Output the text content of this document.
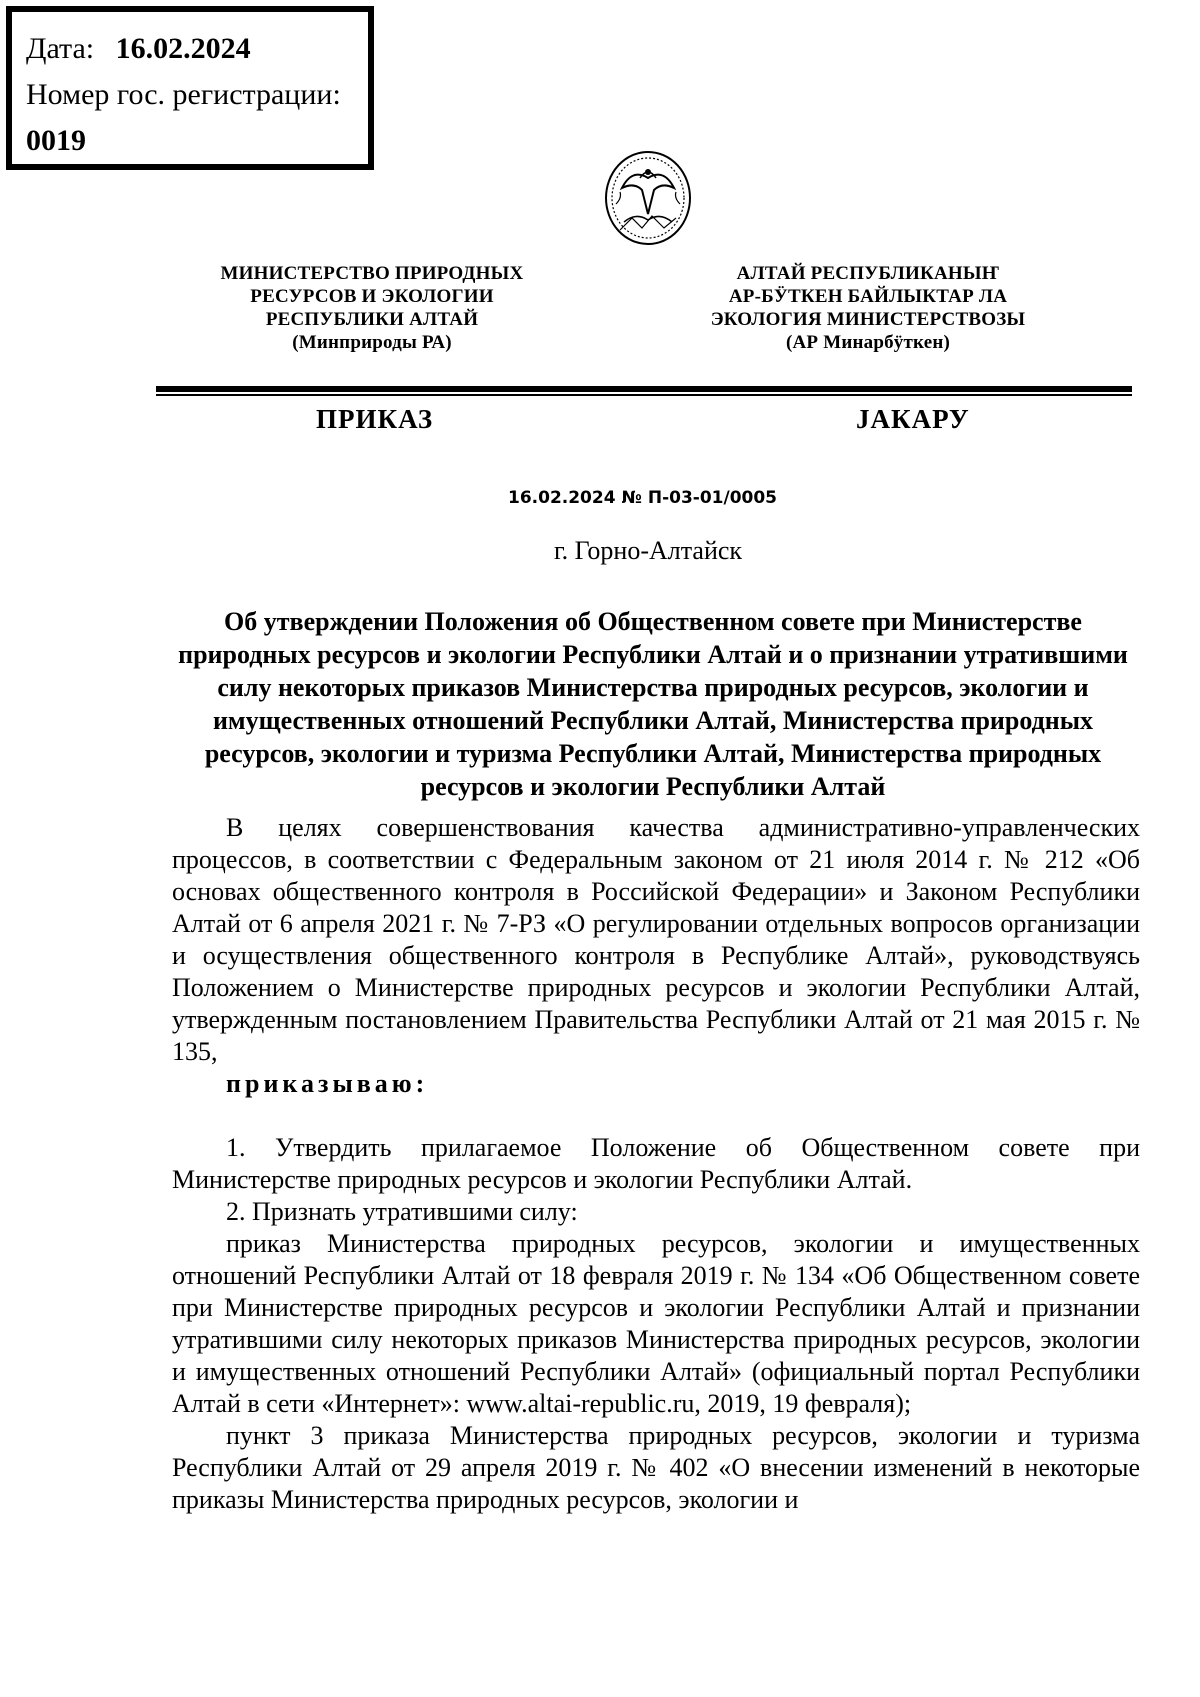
Дата: 16.02.2024
Номер гос. регистрации:
0019
МИНИСТЕРСТВО ПРИРОДНЫХ
РЕСУРСОВ И ЭКОЛОГИИ
РЕСПУБЛИКИ АЛТАЙ
(Минприроды РА)
АЛТАЙ РЕСПУБЛИКАНЫҤ
АР-БӰТКЕН БАЙЛЫКТАР ЛА
ЭКОЛОГИЯ МИНИСТЕРСТВОЗЫ
(АР Минарбӱткен)
ПРИКАЗ	ЈАКАРУ
16.02.2024 № П-03-01/0005
г. Горно-Алтайск
Об утверждении Положения об Общественном совете при Министерстве природных ресурсов и экологии Республики Алтай и о признании утратившими силу некоторых приказов Министерства природных ресурсов, экологии и имущественных отношений Республики Алтай, Министерства природных ресурсов, экологии и туризма Республики Алтай, Министерства природных ресурсов и экологии Республики Алтай

В целях совершенствования качества административно-управленческих процессов, в соответствии с Федеральным законом от 21 июля 2014 г. № 212 «Об основах общественного контроля в Российской Федерации» и Законом Республики Алтай от 6 апреля 2021 г. № 7-РЗ «О регулировании отдельных вопросов организации и осуществления общественного контроля в Республике Алтай», руководствуясь Положением о Министерстве природных ресурсов и экологии Республики Алтай, утвержденным постановлением Правительства Республики Алтай от 21 мая 2015 г. № 135,

приказываю:

1. Утвердить прилагаемое Положение об Общественном совете при Министерстве природных ресурсов и экологии Республики Алтай.

2. Признать утратившими силу:

приказ Министерства природных ресурсов, экологии и имущественных отношений Республики Алтай от 18 февраля 2019 г. № 134 «Об Общественном совете при Министерстве природных ресурсов и экологии Республики Алтай и признании утратившими силу некоторых приказов Министерства природных ресурсов, экологии и имущественных отношений Республики Алтай» (официальный портал Республики Алтай в сети «Интернет»: www.altai-republic.ru, 2019, 19 февраля);

пункт 3 приказа Министерства природных ресурсов, экологии и туризма Республики Алтай от 29 апреля 2019 г. № 402 «О внесении изменений в некоторые приказы Министерства природных ресурсов, экологии и
